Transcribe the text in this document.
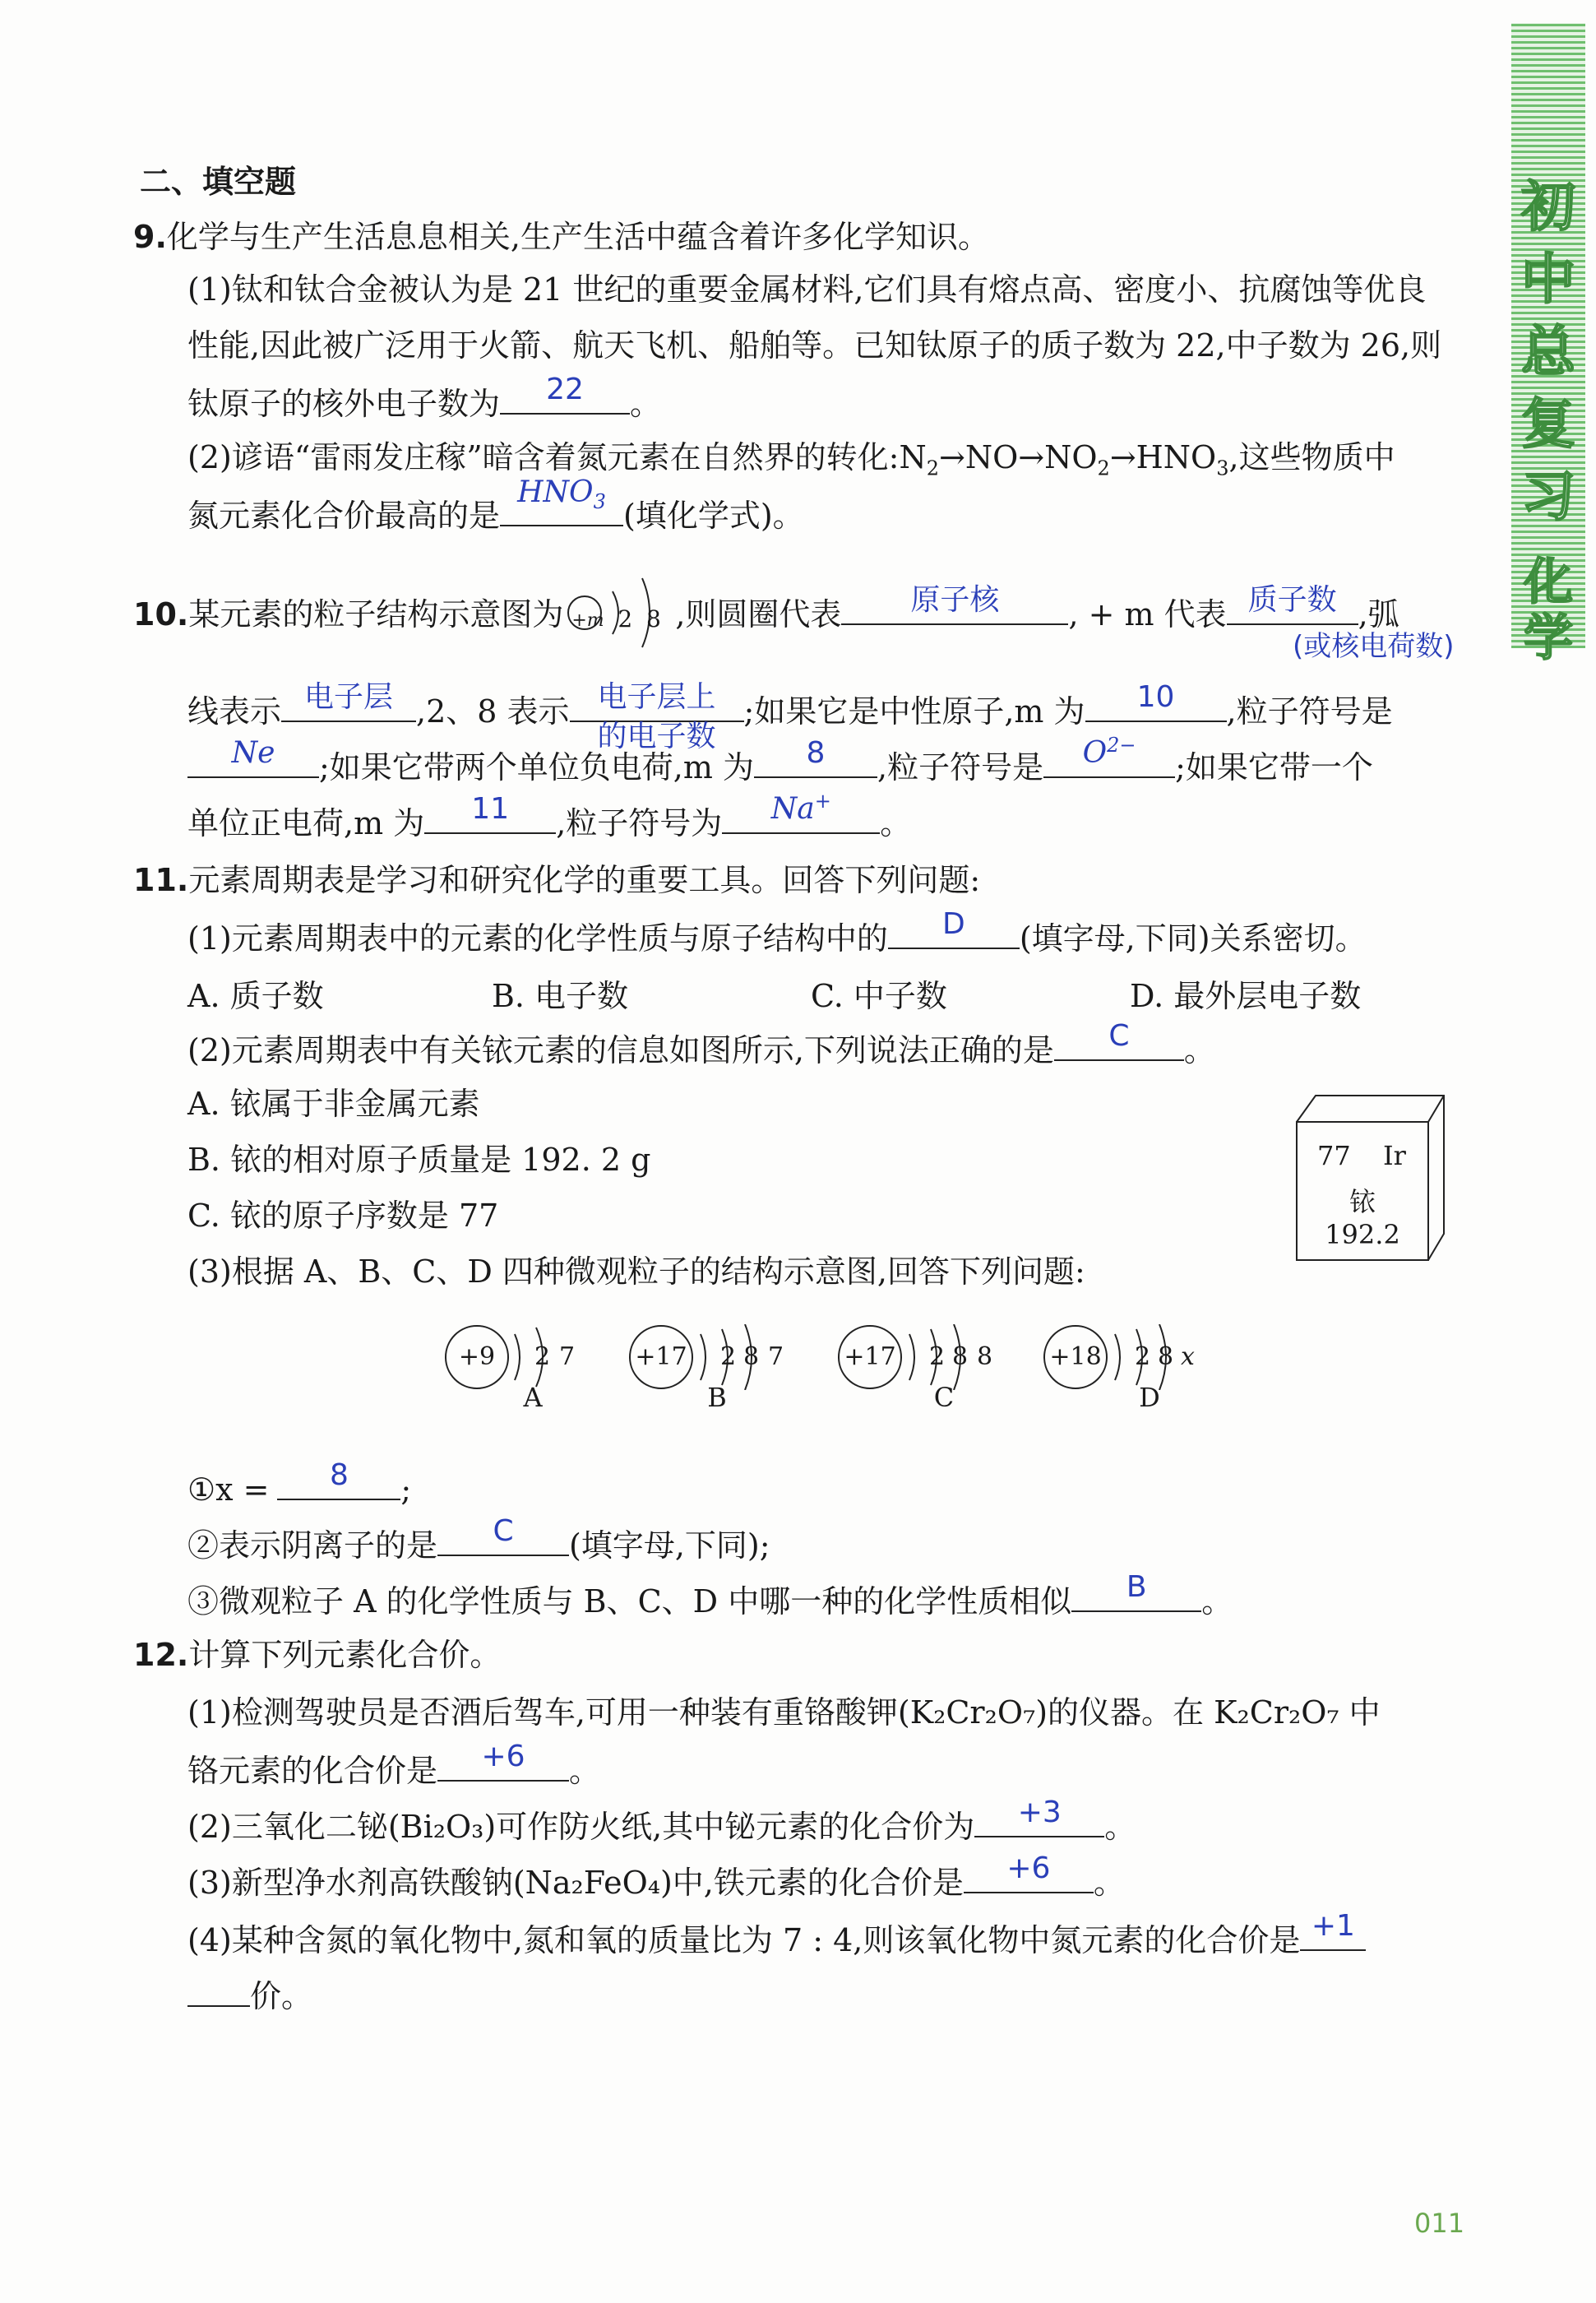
初
中
总
复
习
化
学
二、填空题
9.化学与生产生活息息相关,生产生活中蕴含着许多化学知识。
(1)钛和钛合金被认为是 21 世纪的重要金属材料,它们具有熔点高、密度小、抗腐蚀等优良
性能,因此被广泛用于火箭、航天飞机、船舶等。已知钛原子的质子数为 22,中子数为 26,则
钛原子的核外电子数为	22	。
(2)谚语“雷雨发庄稼”暗含着氮元素在自然界的转化$:N_2\to NO\to NO_2\to HNO_3$,这些物质中
氮元素化合价最高的是
$HNO_3$ (填化学式)。
10.某元素的粒子结构示意图为 +m 2 8 ,则圆圈代表	原子核	, + m 代表 质子数 ,弧
(或核电荷数)
线表示 电子层 ,2、8 表示 电子层上
的电子数
;如果它是中性原子,m 为	10	,粒子符号是
Ne	;如果它带两个单位负电荷,m 为	8	,粒子符号是	$O^{2-}$
;如果它带一个
单位正电荷,m 为	11	,粒子符号为	Na+
。
11.元素周期表是学习和研究化学的重要工具。回答下列问题:
(1)元素周期表中的元素的化学性质与原子结构中的	D	(填字母,下同)关系密切。
A. 质子数	B. 电子数	C. 中子数	D. 最外层电子数
(2)元素周期表中有关铱元素的信息如图所示,下列说法正确的是	C	。
A. 铱属于非金属元素
B. 铱的相对原子质量是 192. 2 g
C. 铱的原子序数是 77
77 Ir
铱
192.2
(3)根据 A、B、C、D 四种微观粒子的结构示意图,回答下列问题:
+9	2 7
A
+17 2 8 7
B
+17 2 8 8
C
+18 2 8 x
D
①x =	8	;
②表示阴离子的是	C	(填字母,下同);
③微观粒子 A 的化学性质与 B、C、D 中哪一种的化学性质相似	B	。
12.计算下列元素化合价。
(1)检测驾驶员是否酒后驾车,可用一种装有重铬酸钾(K₂Cr₂O₇)的仪器。在 K₂Cr₂O₇ 中
铬元素的化合价是	+6	。
(2)三氧化二铋(Bi₂O₃)可作防火纸,其中铋元素的化合价为	+3	。
(3)新型净水剂高铁酸钠(Na₂FeO₄)中,铁元素的化合价是	+6	。
(4)某种含氮的氧化物中,氮和氧的质量比为 7 : 4,则该氧化物中氮元素的化合价是 +1
价。
011
